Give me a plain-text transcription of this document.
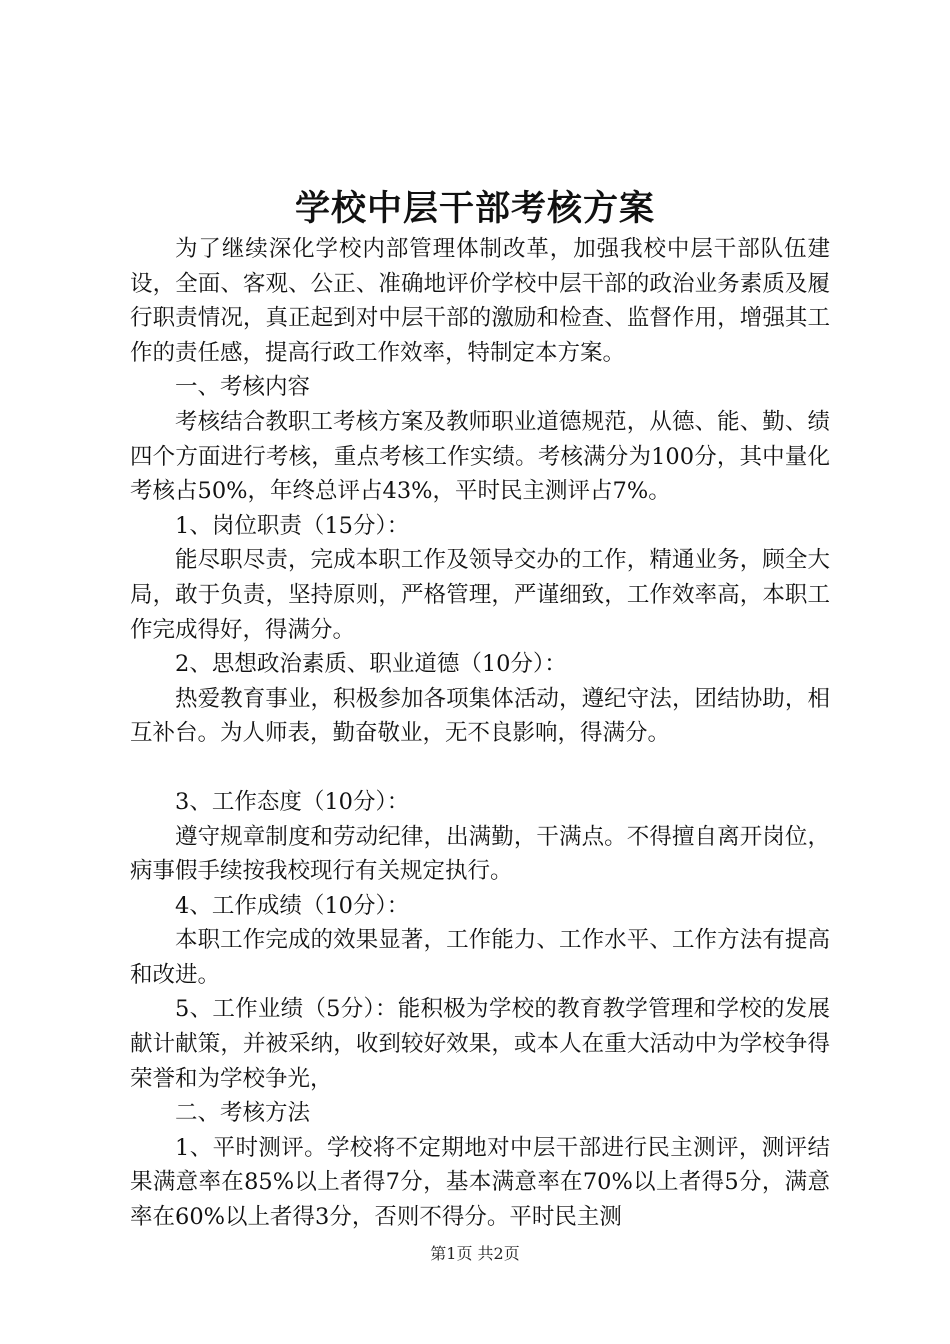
学校中层干部考核方案

为了继续深化学校内部管理体制改革，加强我校中层干部队伍建设，全面、客观、公正、准确地评价学校中层干部的政治业务素质及履行职责情况，真正起到对中层干部的激励和检查、监督作用，增强其工作的责任感，提高行政工作效率，特制定本方案。

一、考核内容

考核结合教职工考核方案及教师职业道德规范，从德、能、勤、绩四个方面进行考核，重点考核工作实绩。考核满分为100分，其中量化考核占50%，年终总评占43%，平时民主测评占7%。

1、岗位职责（15分）：

能尽职尽责，完成本职工作及领导交办的工作，精通业务，顾全大局，敢于负责，坚持原则，严格管理，严谨细致，工作效率高，本职工作完成得好，得满分。

2、思想政治素质、职业道德（10分）：

热爱教育事业，积极参加各项集体活动，遵纪守法，团结协助，相互补台。为人师表，勤奋敬业，无不良影响，得满分。

3、工作态度（10分）：

遵守规章制度和劳动纪律，出满勤，干满点。不得擅自离开岗位，病事假手续按我校现行有关规定执行。

4、工作成绩（10分）：

本职工作完成的效果显著，工作能力、工作水平、工作方法有提高和改进。

5、工作业绩（5分）：能积极为学校的教育教学管理和学校的发展献计献策，并被采纳，收到较好效果，或本人在重大活动中为学校争得荣誉和为学校争光，

二、考核方法

1、平时测评。学校将不定期地对中层干部进行民主测评，测评结果满意率在85%以上者得7分，基本满意率在70%以上者得5分，满意率在60%以上者得3分，否则不得分。平时民主测

第1页 共2页
